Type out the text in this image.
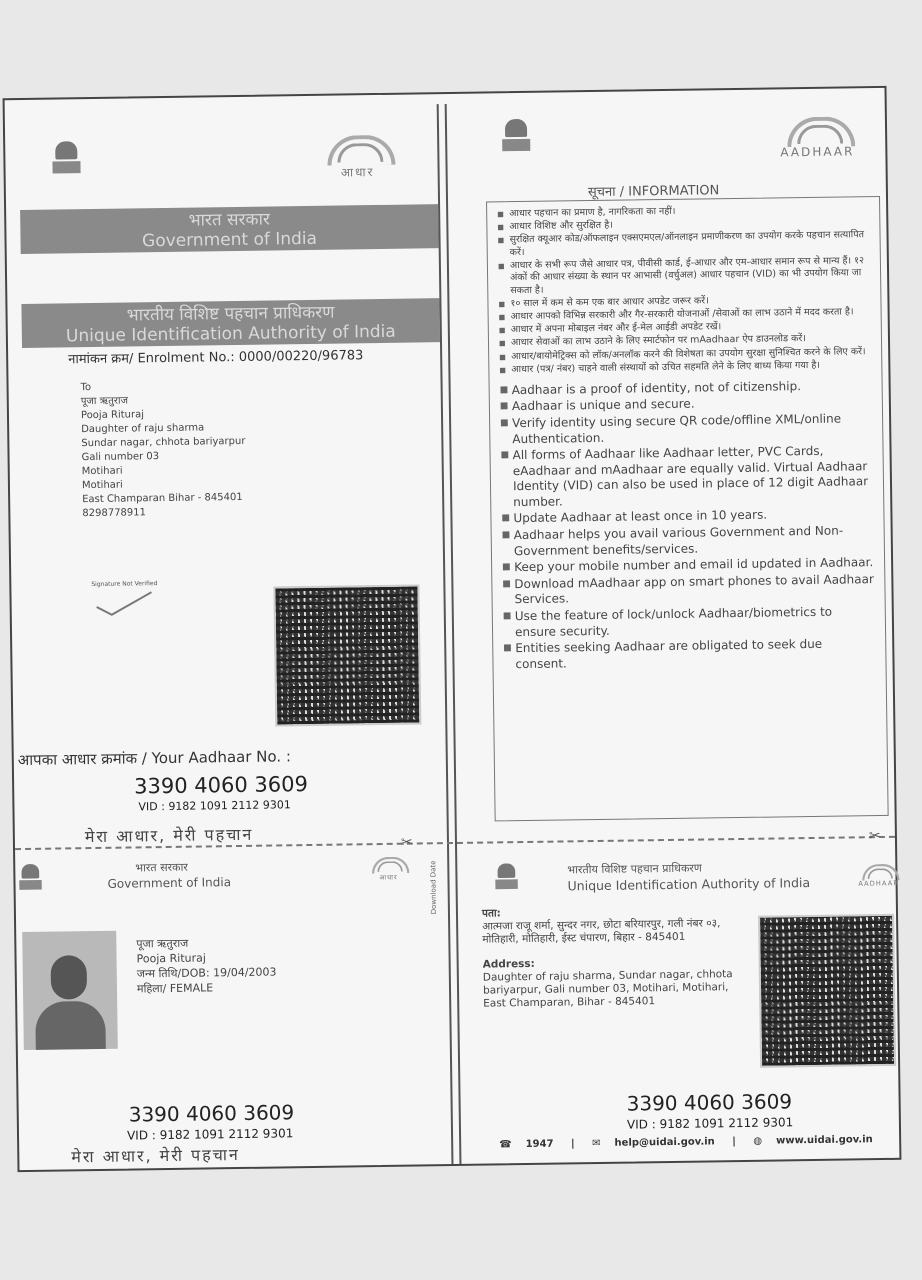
आधार
भारत सरकार
Government of India
भारतीय विशिष्ट पहचान प्राधिकरण
Unique Identification Authority of India
नामांकन क्रम/ Enrolment No.: 0000/00220/96783
To
पूजा ऋतुराज
Pooja Rituraj
Daughter of raju sharma
Sundar nagar, chhota bariyarpur
Gali number 03
Motihari
Motihari
East Champaran Bihar - 845401
8298778911
Signature Not Verified
आपका आधार क्रमांक / Your Aadhaar No. :
3390 4060 3609
VID : 9182 1091 2112 9301
मेरा आधार, मेरी पहचान
AADHAAR
सूचना / INFORMATION
■ आधार पहचान का प्रमाण है, नागरिकता का नहीं।
■ आधार विशिष्ट और सुरक्षित है।
■ सुरक्षित क्यूआर कोड/ऑफलाइन एक्सएमएल/ऑनलाइन प्रमाणीकरण का उपयोग करके पहचान सत्यापित करें।
■ आधार के सभी रूप जैसे आधार पत्र, पीवीसी कार्ड, ई-आधार और एम-आधार समान रूप से मान्य हैं। १२ अंकों की आधार संख्या के स्थान पर आभासी (वर्चुअल) आधार पहचान (VID) का भी उपयोग किया जा सकता है।
■ १० साल में कम से कम एक बार आधार अपडेट जरूर करें।
■ आधार आपको विभिन्न सरकारी और गैर-सरकारी योजनाओं /सेवाओं का लाभ उठाने में मदद करता है।
■ आधार में अपना मोबाइल नंबर और ई-मेल आईडी अपडेट रखें।
■ आधार सेवाओं का लाभ उठाने के लिए स्मार्टफोन पर mAadhaar ऐप डाउनलोड करें।
■ आधार/बायोमेट्रिक्स को लॉक/अनलॉक करने की विशेषता का उपयोग सुरक्षा सुनिश्चित करने के लिए करें।
■ आधार (पत्र/ नंबर) चाहने वाली संस्थायों को उचित सहमति लेने के लिए बाध्य किया गया है।
■ Aadhaar is a proof of identity, not of citizenship.
■ Aadhaar is unique and secure.
■ Verify identity using secure QR code/offline XML/online Authentication.
■ All forms of Aadhaar like Aadhaar letter, PVC Cards, eAadhaar and mAadhaar are equally valid. Virtual Aadhaar Identity (VID) can also be used in place of 12 digit Aadhaar number.
■ Update Aadhaar at least once in 10 years.
■ Aadhaar helps you avail various Government and Non- Government benefits/services.
■ Keep your mobile number and email id updated in Aadhaar.
■ Download mAadhaar app on smart phones to avail Aadhaar Services.
■ Use the feature of lock/unlock Aadhaar/biometrics to ensure security.
■ Entities seeking Aadhaar are obligated to seek due consent.
✂	✂
भारत सरकार
Government of India	आधार
पूजा ऋतुराज
Pooja Rituraj
जन्म तिथि/DOB: 19/04/2003
महिला/ FEMALE
3390 4060 3609
VID : 9182 1091 2112 9301
मेरा आधार, मेरी पहचान
Download Date	भारतीय विशिष्ट पहचान प्राधिकरण
Unique Identification Authority of India	AADHAAR
पता:
आत्मजा राजू शर्मा, सुन्दर नगर, छोटा बरियारपुर, गली नंबर ०३, मोतिहारी, मोतिहारी, ईस्ट चंपारण, बिहार - 845401
Address:
Daughter of raju sharma, Sundar nagar, chhota bariyarpur, Gali number 03, Motihari, Motihari, East Champaran, Bihar - 845401
3390 4060 3609
VID : 9182 1091 2112 9301
☎ 1947 | ✉ help@uidai.gov.in | ◍ www.uidai.gov.in
